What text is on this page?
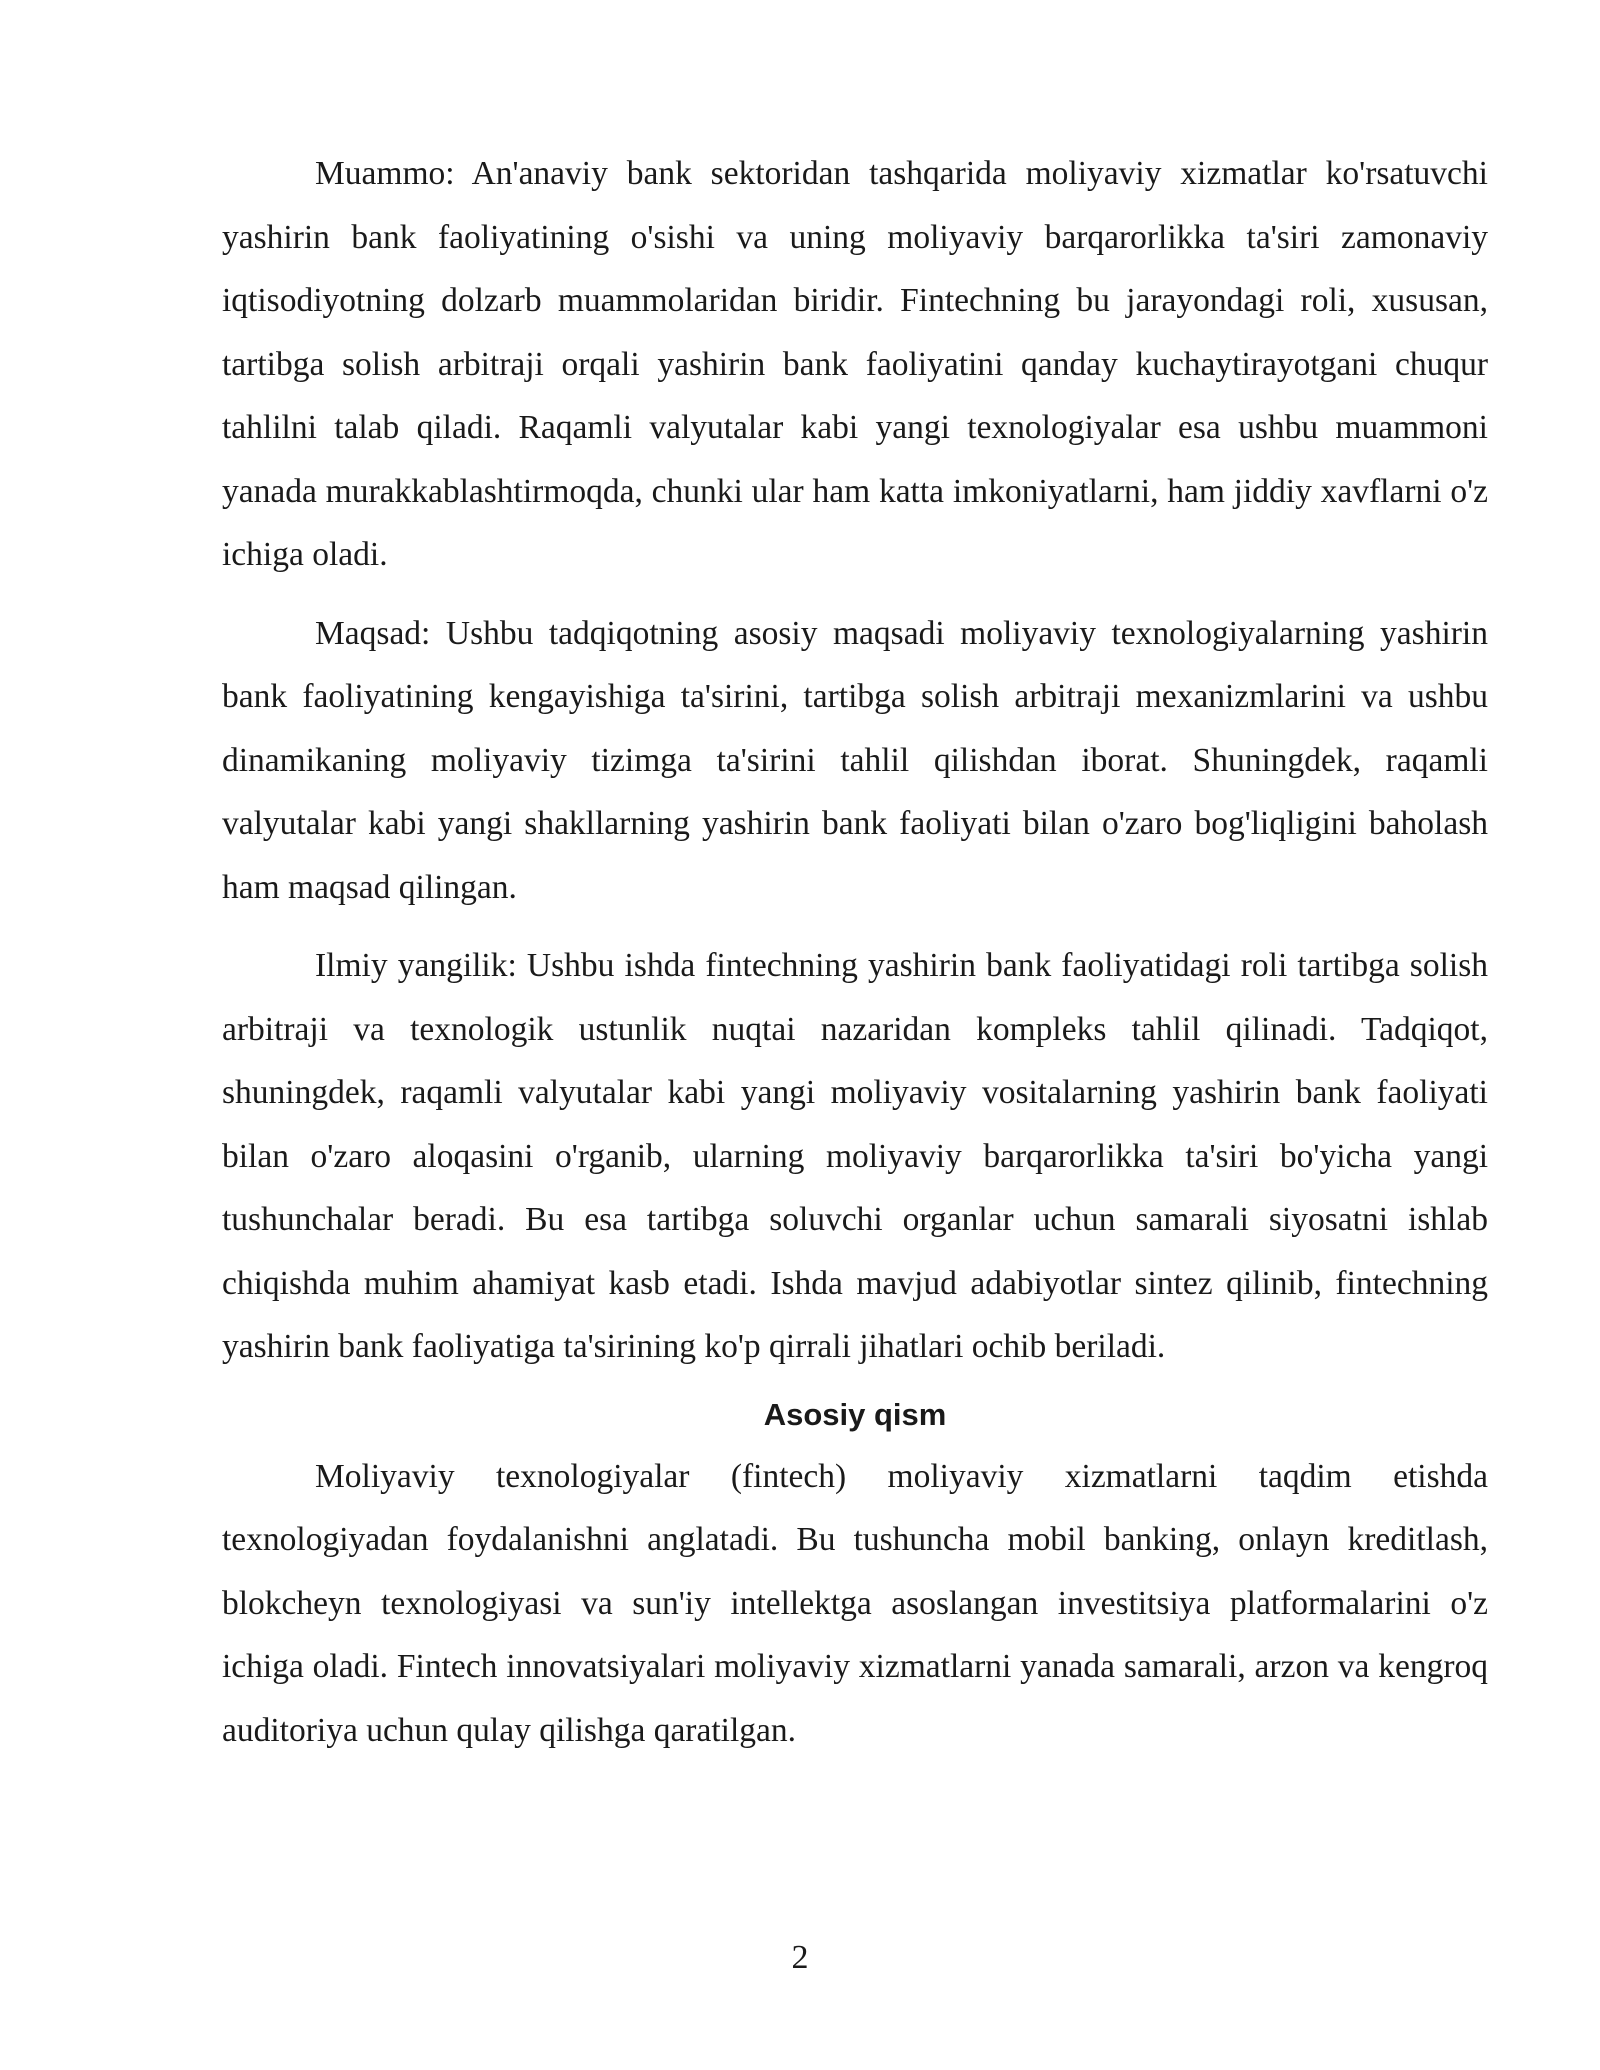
Muammo: An'anaviy bank sektoridan tashqarida moliyaviy xizmatlar ko'rsatuvchi yashirin bank faoliyatining o'sishi va uning moliyaviy barqarorlikka ta'siri zamonaviy iqtisodiyotning dolzarb muammolaridan biridir. Fintechning bu jarayondagi roli, xususan, tartibga solish arbitraji orqali yashirin bank faoliyatini qanday kuchaytirayotgani chuqur tahlilni talab qiladi. Raqamli valyutalar kabi yangi texnologiyalar esa ushbu muammoni yanada murakkablashtirmoqda, chunki ular ham katta imkoniyatlarni, ham jiddiy xavflarni o'z ichiga oladi.

Maqsad: Ushbu tadqiqotning asosiy maqsadi moliyaviy texnologiyalarning yashirin bank faoliyatining kengayishiga ta'sirini, tartibga solish arbitraji mexanizmlarini va ushbu dinamikaning moliyaviy tizimga ta'sirini tahlil qilishdan iborat. Shuningdek, raqamli valyutalar kabi yangi shakllarning yashirin bank faoliyati bilan o'zaro bog'liqligini baholash ham maqsad qilingan.

Ilmiy yangilik: Ushbu ishda fintechning yashirin bank faoliyatidagi roli tartibga solish arbitraji va texnologik ustunlik nuqtai nazaridan kompleks tahlil qilinadi. Tadqiqot, shuningdek, raqamli valyutalar kabi yangi moliyaviy vositalarning yashirin bank faoliyati bilan o'zaro aloqasini o'rganib, ularning moliyaviy barqarorlikka ta'siri bo'yicha yangi tushunchalar beradi. Bu esa tartibga soluvchi organlar uchun samarali siyosatni ishlab chiqishda muhim ahamiyat kasb etadi. Ishda mavjud adabiyotlar sintez qilinib, fintechning yashirin bank faoliyatiga ta'sirining ko'p qirrali jihatlari ochib beriladi.

Asosiy qism

Moliyaviy texnologiyalar (fintech) moliyaviy xizmatlarni taqdim etishda texnologiyadan foydalanishni anglatadi. Bu tushuncha mobil banking, onlayn kreditlash, blokcheyn texnologiyasi va sun'iy intellektga asoslangan investitsiya platformalarini o'z ichiga oladi. Fintech innovatsiyalari moliyaviy xizmatlarni yanada samarali, arzon va kengroq auditoriya uchun qulay qilishga qaratilgan.

2
